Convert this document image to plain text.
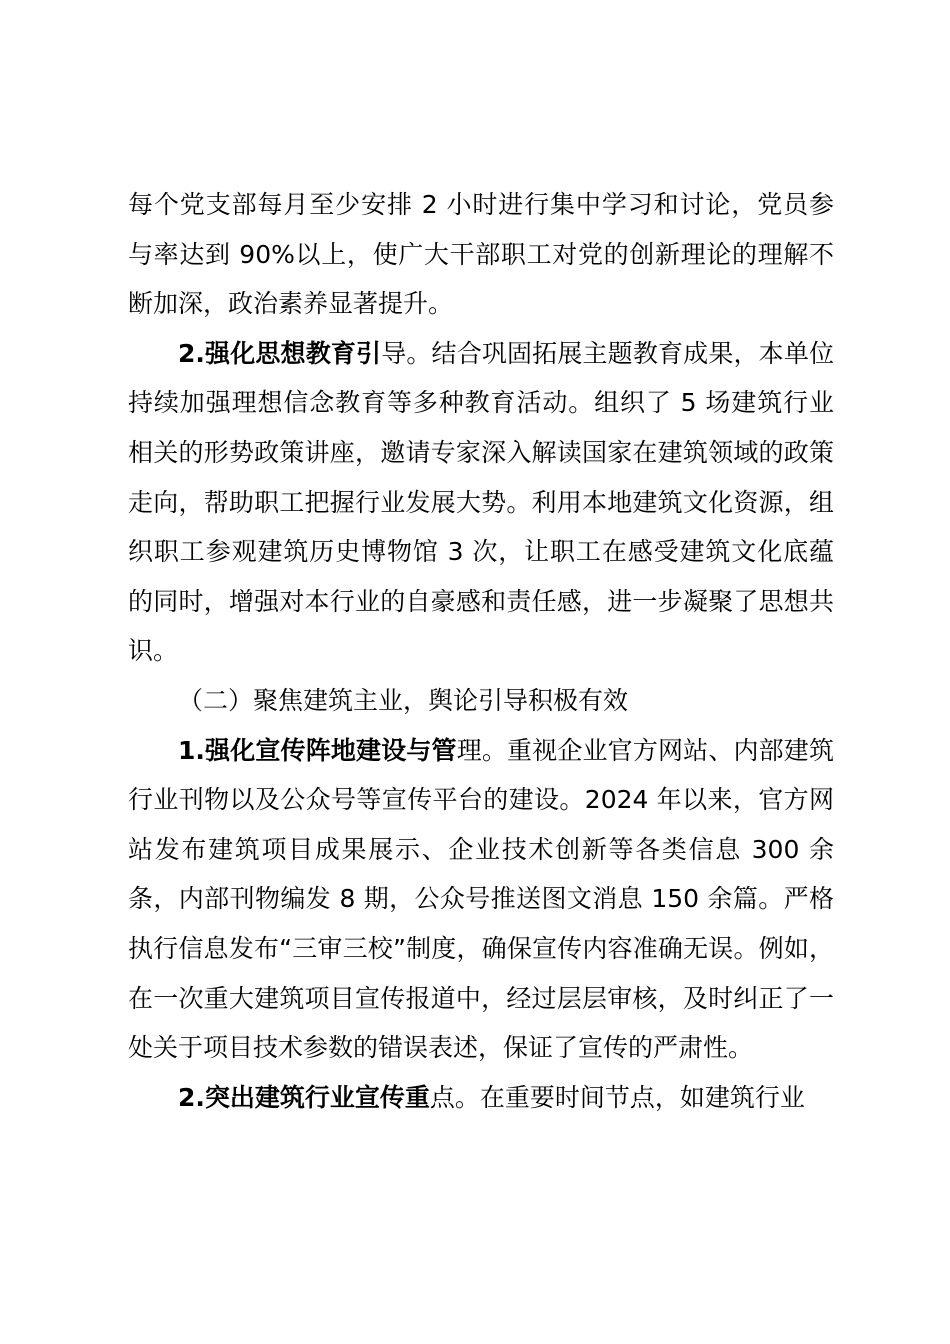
每个党支部每月至少安排 2 小时进行集中学习和讨论，党员参与率达到 90%以上，使广大干部职工对党的创新理论的理解不断加深，政治素养显著提升。

2.强化思想教育引导。结合巩固拓展主题教育成果，本单位持续加强理想信念教育等多种教育活动。组织了 5 场建筑行业相关的形势政策讲座，邀请专家深入解读国家在建筑领域的政策走向，帮助职工把握行业发展大势。利用本地建筑文化资源，组织职工参观建筑历史博物馆 3 次，让职工在感受建筑文化底蕴的同时，增强对本行业的自豪感和责任感，进一步凝聚了思想共识。

（二）聚焦建筑主业，舆论引导积极有效

1.强化宣传阵地建设与管理。重视企业官方网站、内部建筑行业刊物以及公众号等宣传平台的建设。2024 年以来，官方网站发布建筑项目成果展示、企业技术创新等各类信息 300 余条，内部刊物编发 8 期，公众号推送图文消息 150 余篇。严格执行信息发布“三审三校”制度，确保宣传内容准确无误。例如，在一次重大建筑项目宣传报道中，经过层层审核，及时纠正了一处关于项目技术参数的错误表述，保证了宣传的严肃性。

2.突出建筑行业宣传重点。在重要时间节点，如建筑行业
